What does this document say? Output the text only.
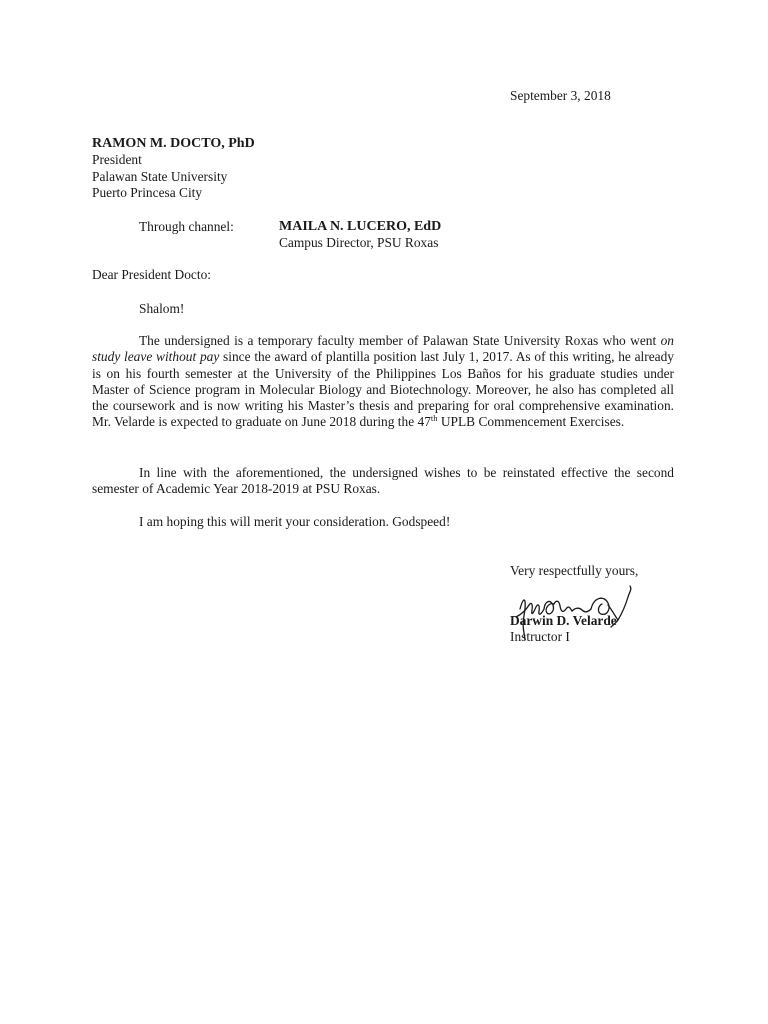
September 3, 2018
RAMON M. DOCTO, PhD
President
Palawan State University
Puerto Princesa City
Through channel:	MAILA N. LUCERO, EdD
Campus Director, PSU Roxas
Dear President Docto:
Shalom!

The undersigned is a temporary faculty member of Palawan State University Roxas who went on study leave without pay since the award of plantilla position last July 1, 2017. As of this writing, he already is on his fourth semester at the University of the Philippines Los Baños for his graduate studies under Master of Science program in Molecular Biology and Biotechnology. Moreover, he also has completed all the coursework and is now writing his Master’s thesis and preparing for oral comprehensive examination. Mr. Velarde is expected to graduate on June 2018 during the 47th UPLB Commencement Exercises.

In line with the aforementioned, the undersigned wishes to be reinstated effective the second semester of Academic Year 2018-2019 at PSU Roxas.

I am hoping this will merit your consideration. Godspeed!

Very respectfully yours,
Darwin D. Velarde
Instructor I
